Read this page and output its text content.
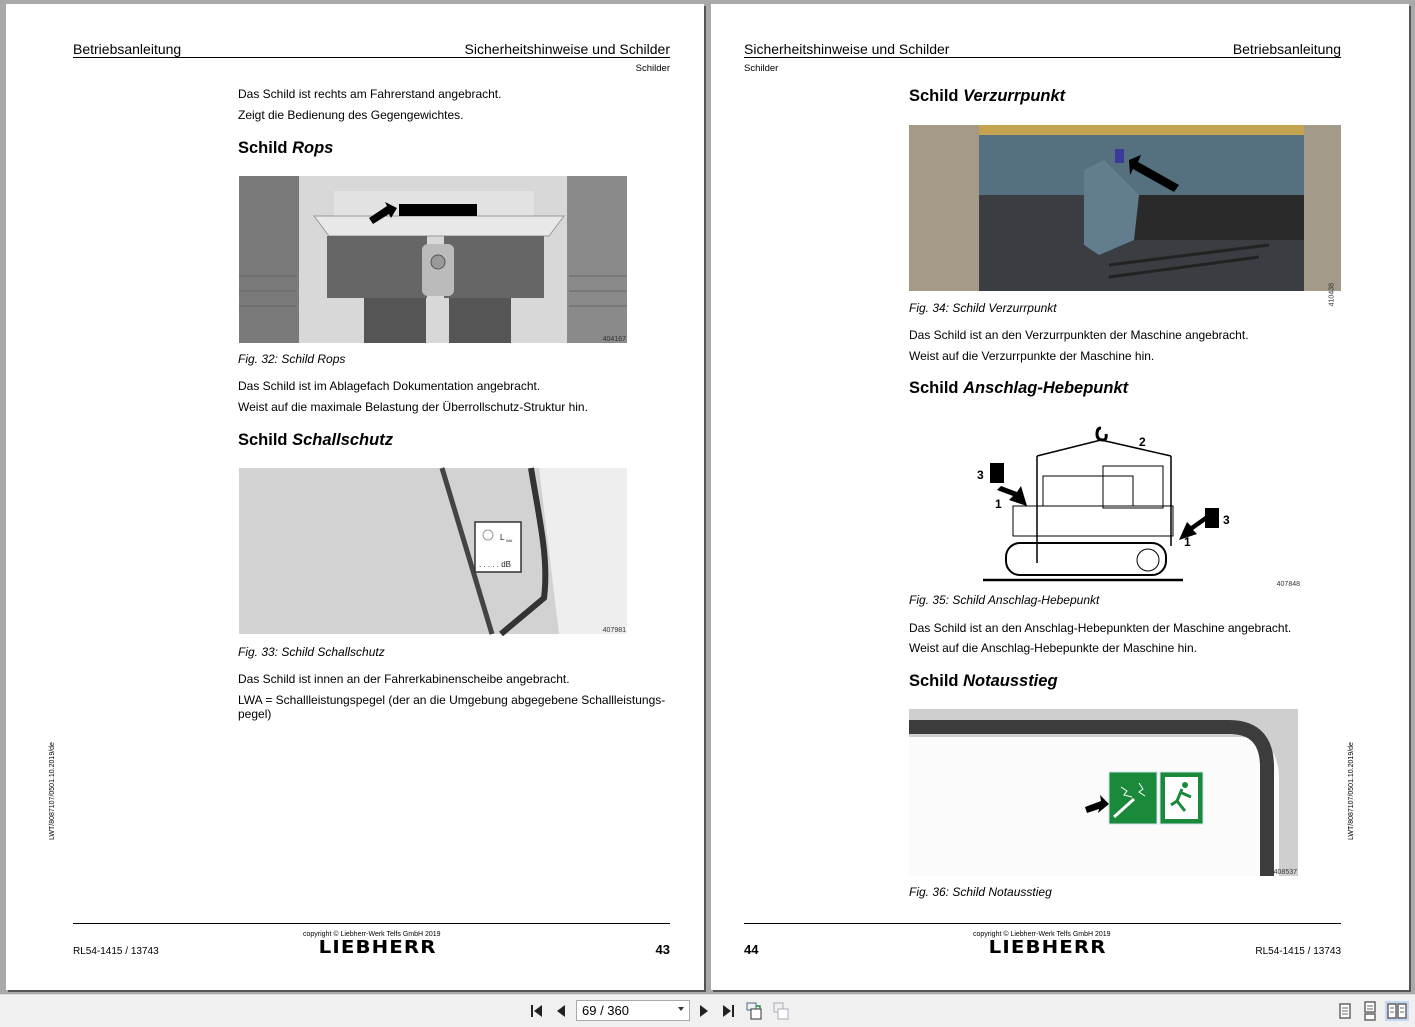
Betriebsanleitung	Sicherheitshinweise und Schilder
Schilder
Das Schild ist rechts am Fahrerstand angebracht.
Zeigt die Bedienung des Gegengewichtes.
Schild Rops
404167
Fig. 32: Schild Rops
Das Schild ist im Ablagefach Dokumentation angebracht.
Weist auf die maximale Belastung der Überrollschutz-Struktur hin.
Schild Schallschutz
L WA
. . . . . dB
407981
Fig. 33: Schild Schallschutz
Das Schild ist innen an der Fahrerkabinenscheibe angebracht.
LWA = Schallleistungspegel (der an die Umgebung abgegebene Schallleistungs-pegel)
LWT/8087107/0501.10.2019/de
RL54-1415 / 13743
copyright © Liebherr-Werk Telfs GmbH 2019
LIEBHERR	43
Sicherheitshinweise und Schilder	Betriebsanleitung
Schilder
Schild Verzurrpunkt
410438
Fig. 34: Schild Verzurrpunkt
Das Schild ist an den Verzurrpunkten der Maschine angebracht.
Weist auf die Verzurrpunkte der Maschine hin.
Schild Anschlag-Hebepunkt
2
3
1
3
1
407848
Fig. 35: Schild Anschlag-Hebepunkt
Das Schild ist an den Anschlag-Hebepunkten der Maschine angebracht.
Weist auf die Anschlag-Hebepunkte der Maschine hin.
Schild Notausstieg
408537
Fig. 36: Schild Notausstieg
LWT/8087107/0501.10.2019/de
44
copyright © Liebherr-Werk Telfs GmbH 2019
LIEBHERR	RL54-1415 / 13743
69 / 360
